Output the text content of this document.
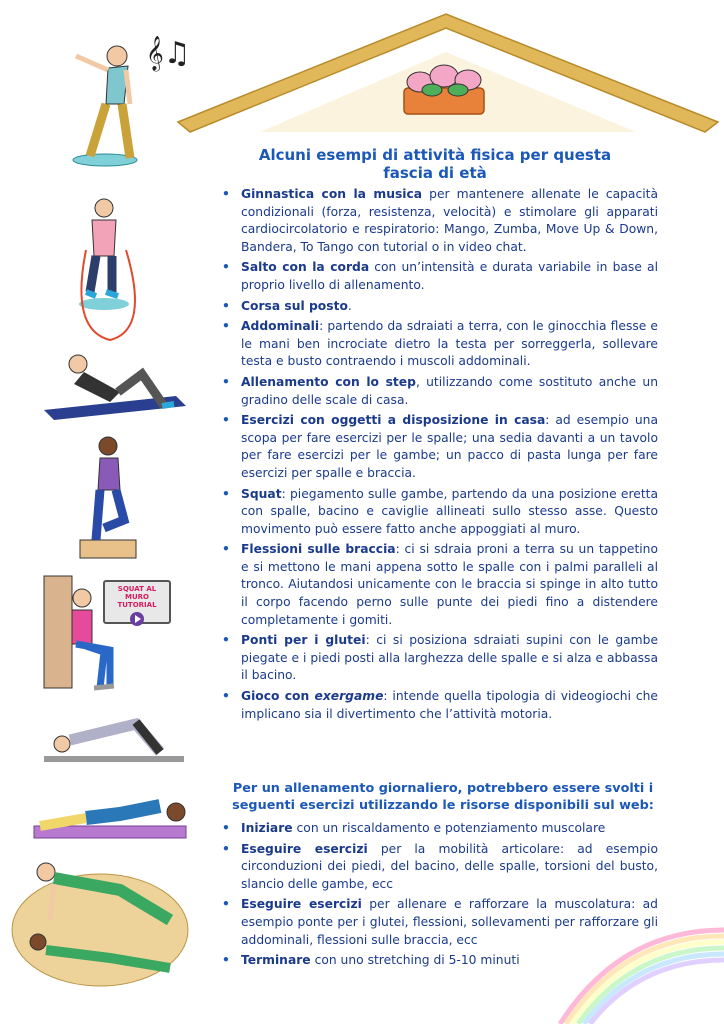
𝄞♫
SQUAT AL MURO TUTORIAL
Alcuni esempi di attività fisica per questa fascia di età
• Ginnastica con la musica per mantenere allenate le capacità condizionali (forza, resistenza, velocità) e stimolare gli apparati cardiocircolatorio e respiratorio: Mango, Zumba, Move Up & Down, Bandera, To Tango con tutorial o in video chat.
• Salto con la corda con un’intensità e durata variabile in base al proprio livello di allenamento.
• Corsa sul posto.
• Addominali: partendo da sdraiati a terra, con le ginocchia flesse e le mani ben incrociate dietro la testa per sorreggerla, sollevare testa e busto contraendo i muscoli addominali.
• Allenamento con lo step, utilizzando come sostituto anche un gradino delle scale di casa.
• Esercizi con oggetti a disposizione in casa: ad esempio una scopa per fare esercizi per le spalle; una sedia davanti a un tavolo per fare esercizi per le gambe; un pacco di pasta lunga per fare esercizi per spalle e braccia.
• Squat: piegamento sulle gambe, partendo da una posizione eretta con spalle, bacino e caviglie allineati sullo stesso asse. Questo movimento può essere fatto anche appoggiati al muro.
• Flessioni sulle braccia: ci si sdraia proni a terra su un tappetino e si mettono le mani appena sotto le spalle con i palmi paralleli al tronco. Aiutandosi unicamente con le braccia si spinge in alto tutto il corpo facendo perno sulle punte dei piedi fino a distendere completamente i gomiti.
• Ponti per i glutei: ci si posiziona sdraiati supini con le gambe piegate e i piedi posti alla larghezza delle spalle e si alza e abbassa il bacino.
• Gioco con exergame: intende quella tipologia di videogiochi che implicano sia il divertimento che l’attività motoria.
Per un allenamento giornaliero, potrebbero essere svolti i seguenti esercizi utilizzando le risorse disponibili sul web:
• Iniziare con un riscaldamento e potenziamento muscolare
• Eseguire esercizi per la mobilità articolare: ad esempio circonduzioni dei piedi, del bacino, delle spalle, torsioni del busto, slancio delle gambe, ecc
• Eseguire esercizi per allenare e rafforzare la muscolatura: ad esempio ponte per i glutei, flessioni, sollevamenti per rafforzare gli addominali, flessioni sulle braccia, ecc
• Terminare con uno stretching di 5-10 minuti
